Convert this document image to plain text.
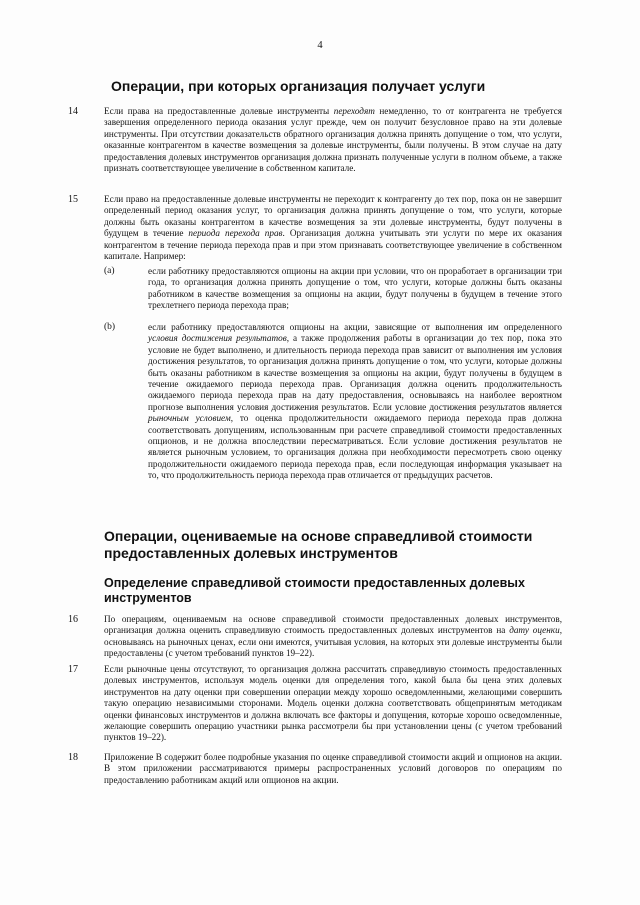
4
Операции, при которых организация получает услуги
14	Если права на предоставленные долевые инструменты переходят немедленно, то от контрагента не требуется завершения определенного периода оказания услуг прежде, чем он получит безусловное право на эти долевые инструменты. При отсутствии доказательств обратного организация должна принять допущение о том, что услуги, оказанные контрагентом в качестве возмещения за долевые инструменты, были получены. В этом случае на дату предоставления долевых инструментов организация должна признать полученные услуги в полном объеме, а также признать соответствующее увеличение в собственном капитале.

15	Если право на предоставленные долевые инструменты не переходит к контрагенту до тех пор, пока он не завершит определенный период оказания услуг, то организация должна принять допущение о том, что услуги, которые должны быть оказаны контрагентом в качестве возмещения за эти долевые инструменты, будут получены в будущем в течение периода перехода прав. Организация должна учитывать эти услуги по мере их оказания контрагентом в течение периода перехода прав и при этом признавать соответствующее увеличение в собственном капитале. Например:

(a)	если работнику предоставляются опционы на акции при условии, что он проработает в организации три года, то организация должна принять допущение о том, что услуги, которые должны быть оказаны работником в качестве возмещения за опционы на акции, будут получены в будущем в течение этого трехлетнего периода перехода прав;

(b)	если работнику предоставляются опционы на акции, зависящие от выполнения им определенного условия достижения результатов, а также продолжения работы в организации до тех пор, пока это условие не будет выполнено, и длительность периода перехода прав зависит от выполнения им условия достижения результатов, то организация должна принять допущение о том, что услуги, которые должны быть оказаны работником в качестве возмещения за опционы на акции, будут получены в будущем в течение ожидаемого периода перехода прав. Организация должна оценить продолжительность ожидаемого периода перехода прав на дату предоставления, основываясь на наиболее вероятном прогнозе выполнения условия достижения результатов. Если условие достижения результатов является рыночным условием, то оценка продолжительности ожидаемого периода перехода прав должна соответствовать допущениям, использованным при расчете справедливой стоимости предоставленных опционов, и не должна впоследствии пересматриваться. Если условие достижения результатов не является рыночным условием, то организация должна при необходимости пересмотреть свою оценку продолжительности ожидаемого периода перехода прав, если последующая информация указывает на то, что продолжительность периода перехода прав отличается от предыдущих расчетов.

Операции, оцениваемые на основе справедливой стоимости
предоставленных долевых инструментов
Определение справедливой стоимости предоставленных долевых
инструментов
16	По операциям, оцениваемым на основе справедливой стоимости предоставленных долевых инструментов, организация должна оценить справедливую стоимость предоставленных долевых инструментов на дату оценки, основываясь на рыночных ценах, если они имеются, учитывая условия, на которых эти долевые инструменты были предоставлены (с учетом требований пунктов 19–22).

17	Если рыночные цены отсутствуют, то организация должна рассчитать справедливую стоимость предоставленных долевых инструментов, используя модель оценки для определения того, какой была бы цена этих долевых инструментов на дату оценки при совершении операции между хорошо осведомленными, желающими совершить такую операцию независимыми сторонами. Модель оценки должна соответствовать общепринятым методикам оценки финансовых инструментов и должна включать все факторы и допущения, которые хорошо осведомленные, желающие совершить операцию участники рынка рассмотрели бы при установлении цены (с учетом требований пунктов 19–22).

18	Приложение В содержит более подробные указания по оценке справедливой стоимости акций и опционов на акции. В этом приложении рассматриваются примеры распространенных условий договоров по операциям по предоставлению работникам акций или опционов на акции.
